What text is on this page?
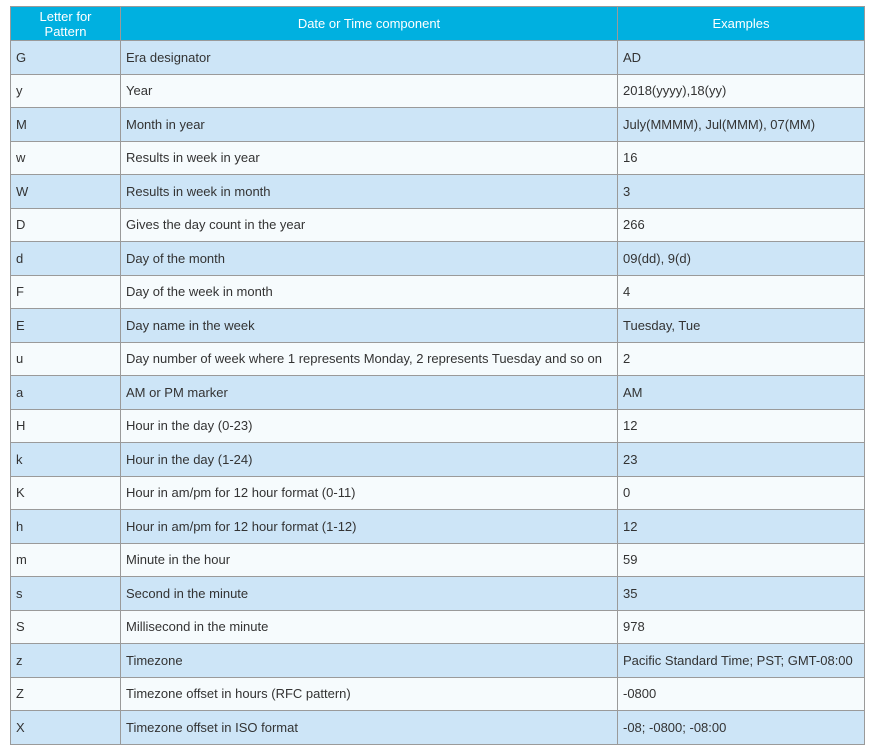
Letter for Pattern	Date or Time component	Examples
G	Era designator	AD
y	Year	2018(yyyy),18(yy)
M	Month in year	July(MMMM), Jul(MMM), 07(MM)
w	Results in week in year	16
W	Results in week in month	3
D	Gives the day count in the year	266
d	Day of the month	09(dd), 9(d)
F	Day of the week in month	4
E	Day name in the week	Tuesday, Tue
u	Day number of week where 1 represents Monday, 2 represents Tuesday and so on	2
a	AM or PM marker	AM
H	Hour in the day (0-23)	12
k	Hour in the day (1-24)	23
K	Hour in am/pm for 12 hour format (0-11)	0
h	Hour in am/pm for 12 hour format (1-12)	12
m	Minute in the hour	59
s	Second in the minute	35
S	Millisecond in the minute	978
z	Timezone	Pacific Standard Time; PST; GMT-08:00
Z	Timezone offset in hours (RFC pattern)	-0800
X	Timezone offset in ISO format	-08; -0800; -08:00
